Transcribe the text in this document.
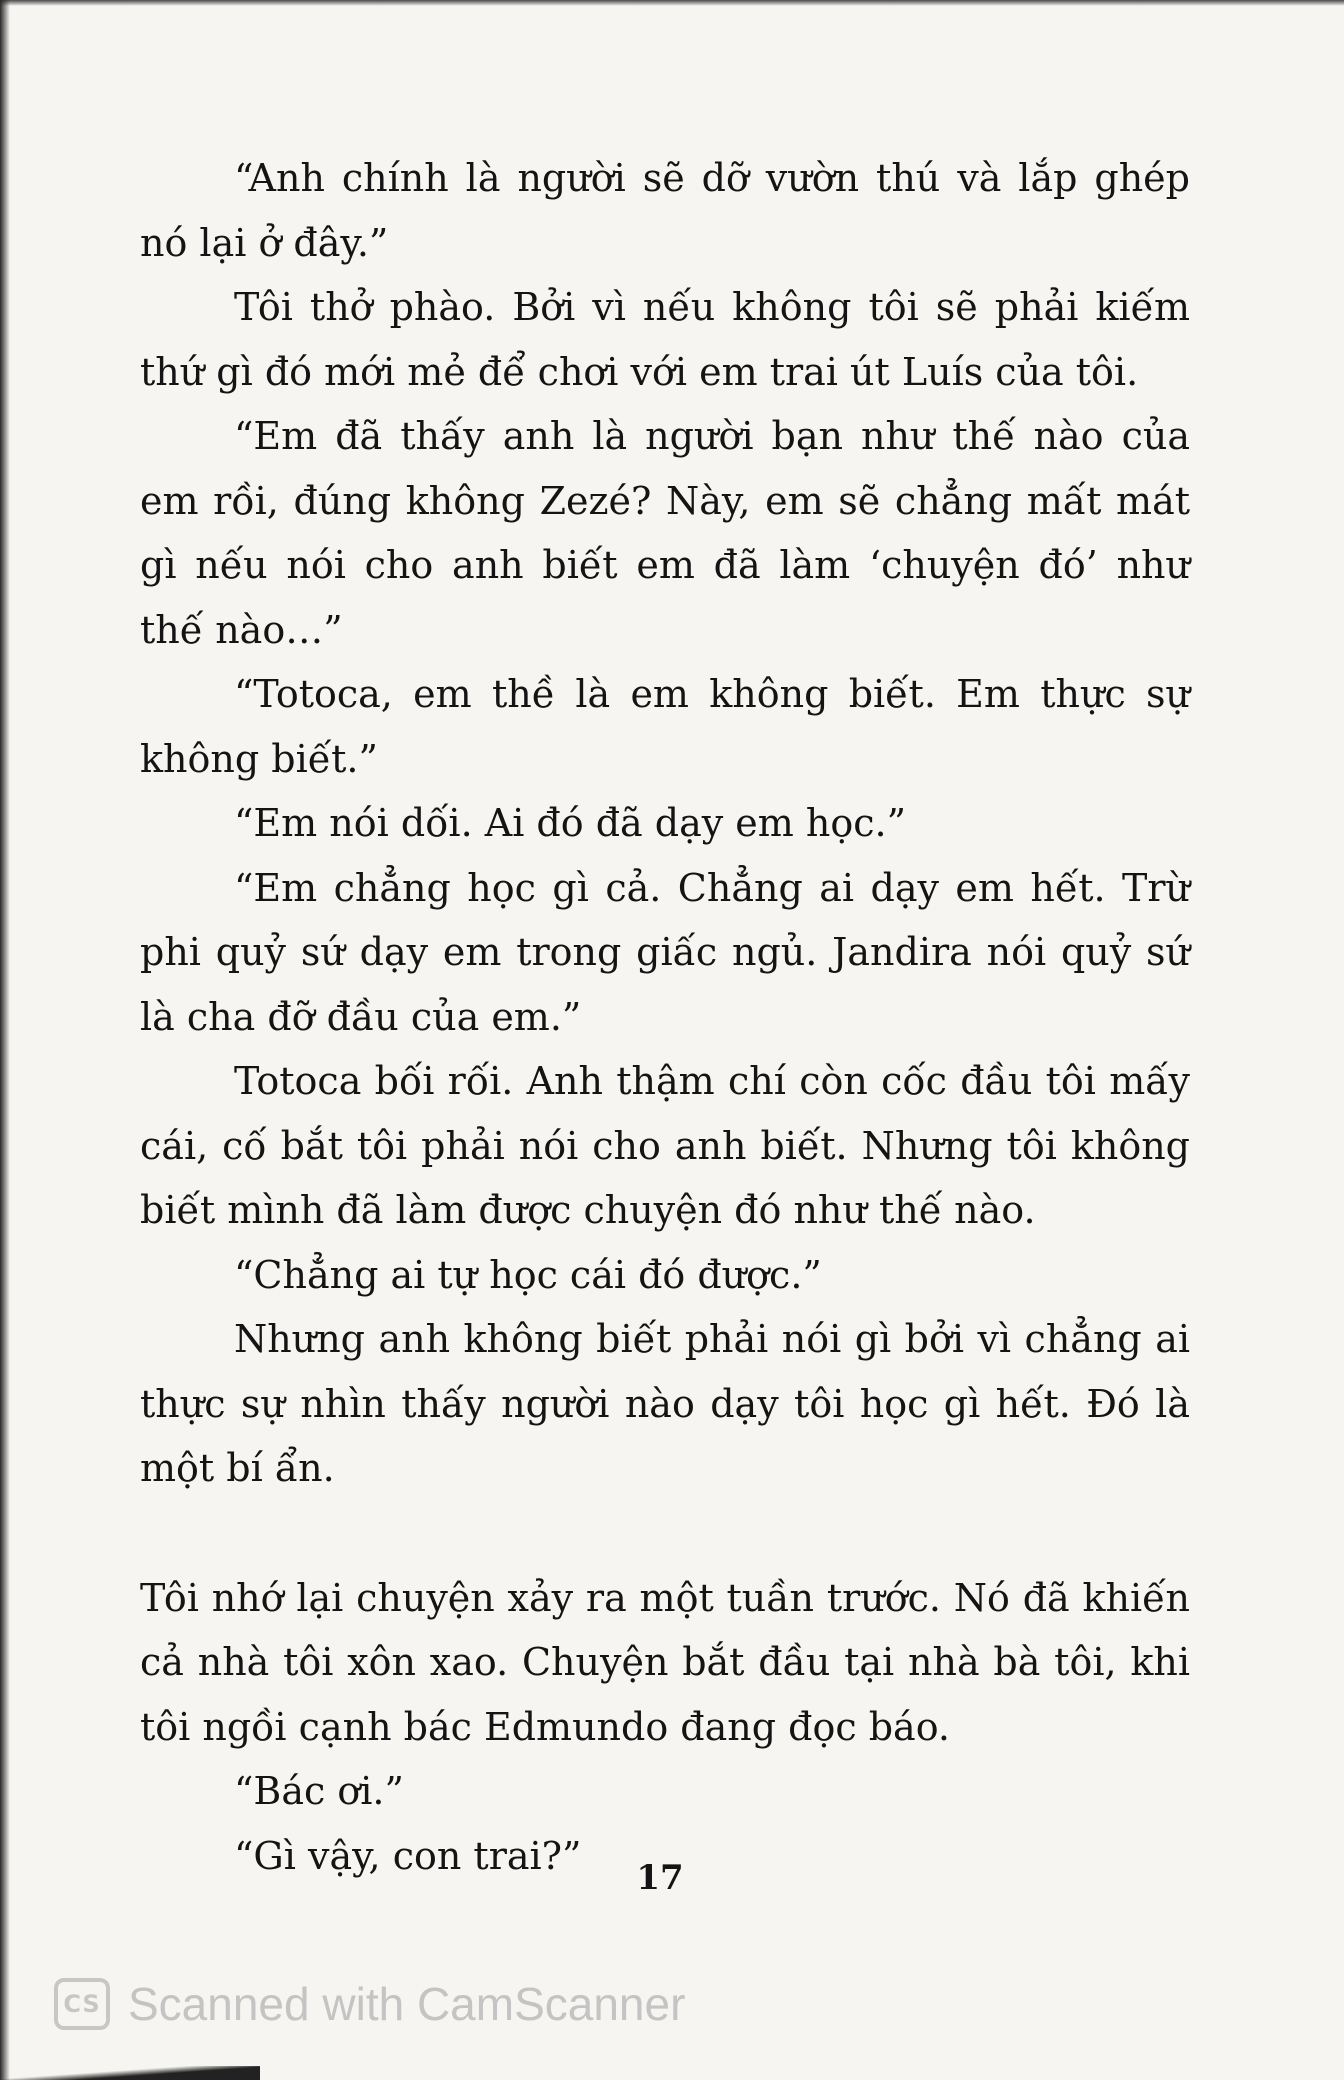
“Anh chính là người sẽ dỡ vườn thú và lắp ghép nó lại ở đây.”

Tôi thở phào. Bởi vì nếu không tôi sẽ phải kiếm thứ gì đó mới mẻ để chơi với em trai út Luís của tôi.

“Em đã thấy anh là người bạn như thế nào của em rồi, đúng không Zezé? Này, em sẽ chẳng mất mát gì nếu nói cho anh biết em đã làm ‘chuyện đó’ như thế nào…”

“Totoca, em thề là em không biết. Em thực sự không biết.”

“Em nói dối. Ai đó đã dạy em học.”

“Em chẳng học gì cả. Chẳng ai dạy em hết. Trừ phi quỷ sứ dạy em trong giấc ngủ. Jandira nói quỷ sứ là cha đỡ đầu của em.”

Totoca bối rối. Anh thậm chí còn cốc đầu tôi mấy cái, cố bắt tôi phải nói cho anh biết. Nhưng tôi không biết mình đã làm được chuyện đó như thế nào.

“Chẳng ai tự học cái đó được.”

Nhưng anh không biết phải nói gì bởi vì chẳng ai thực sự nhìn thấy người nào dạy tôi học gì hết. Đó là một bí ẩn.

Tôi nhớ lại chuyện xảy ra một tuần trước. Nó đã khiến cả nhà tôi xôn xao. Chuyện bắt đầu tại nhà bà tôi, khi tôi ngồi cạnh bác Edmundo đang đọc báo.

“Bác ơi.”

“Gì vậy, con trai?”

17
CS Scanned with CamScanner
